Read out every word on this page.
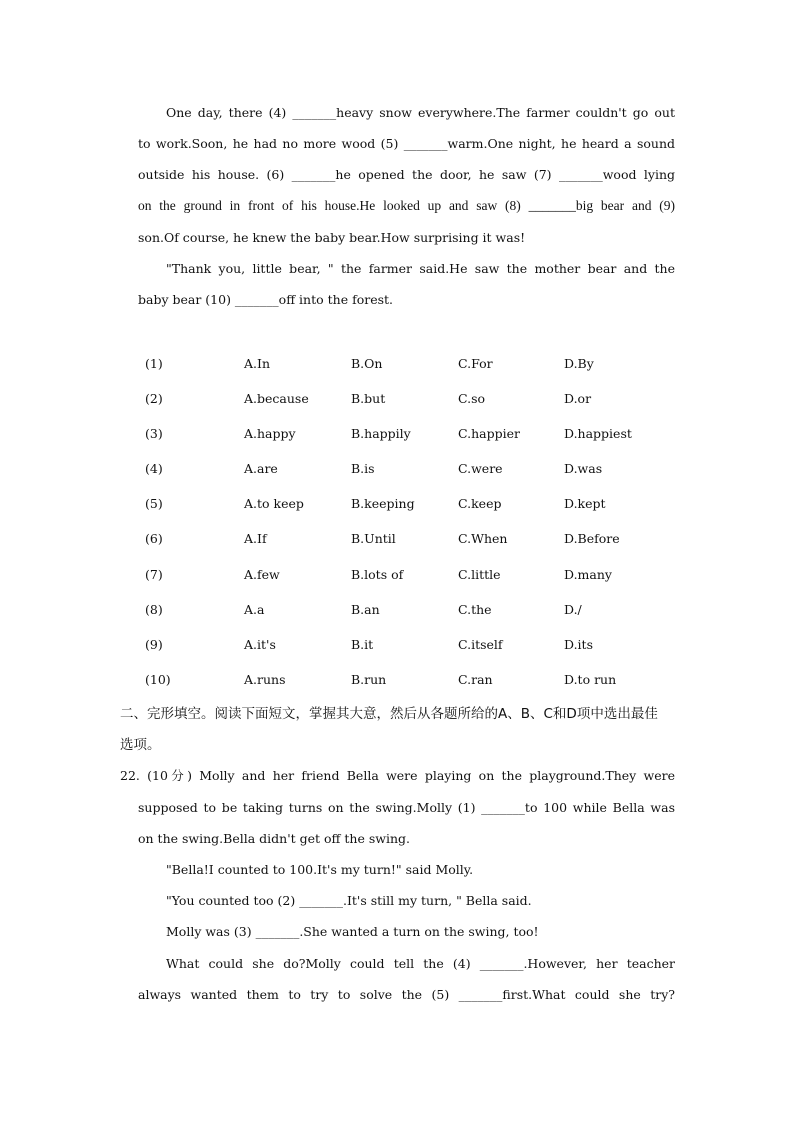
One day, there (4) _______heavy snow everywhere.The farmer couldn't go out
to work.Soon, he had no more wood (5) _______warm.One night, he heard a sound
outside his house. (6) _______he opened the door, he saw (7) _______wood lying
on the ground in front of his house.He looked up and saw (8) _______big bear and (9)
son.Of course, he knew the baby bear.How surprising it was!
"Thank you, little bear, " the farmer said.He saw the mother bear and the
baby bear (10) _______off into the forest.
(1)	A.In	B.On	C.For	D.By
(2)	A.because	B.but	C.so	D.or
(3)	A.happy	B.happily	C.happier	D.happiest
(4)	A.are	B.is	C.were	D.was
(5)	A.to keep	B.keeping	C.keep	D.kept
(6)	A.If	B.Until	C.When	D.Before
(7)	A.few	B.lots of	C.little	D.many
(8)	A.a	B.an	C.the	D./
(9)	A.it's	B.it	C.itself	D.its
(10)	A.runs	B.run	C.ran	D.to run
二、完形填空。阅读下面短文，掌握其大意，然后从各题所给的A、B、C和D项中选出最佳
选项。
22. (10分) Molly and her friend Bella were playing on the playground.They were
supposed to be taking turns on the swing.Molly (1) _______to 100 while Bella was
on the swing.Bella didn't get off the swing.
"Bella!I counted to 100.It's my turn!" said Molly.
"You counted too (2) _______.It's still my turn, " Bella said.
Molly was (3) _______.She wanted a turn on the swing, too!
What could she do?Molly could tell the (4) _______.However, her teacher
always wanted them to try to solve the (5) _______first.What could she try?
